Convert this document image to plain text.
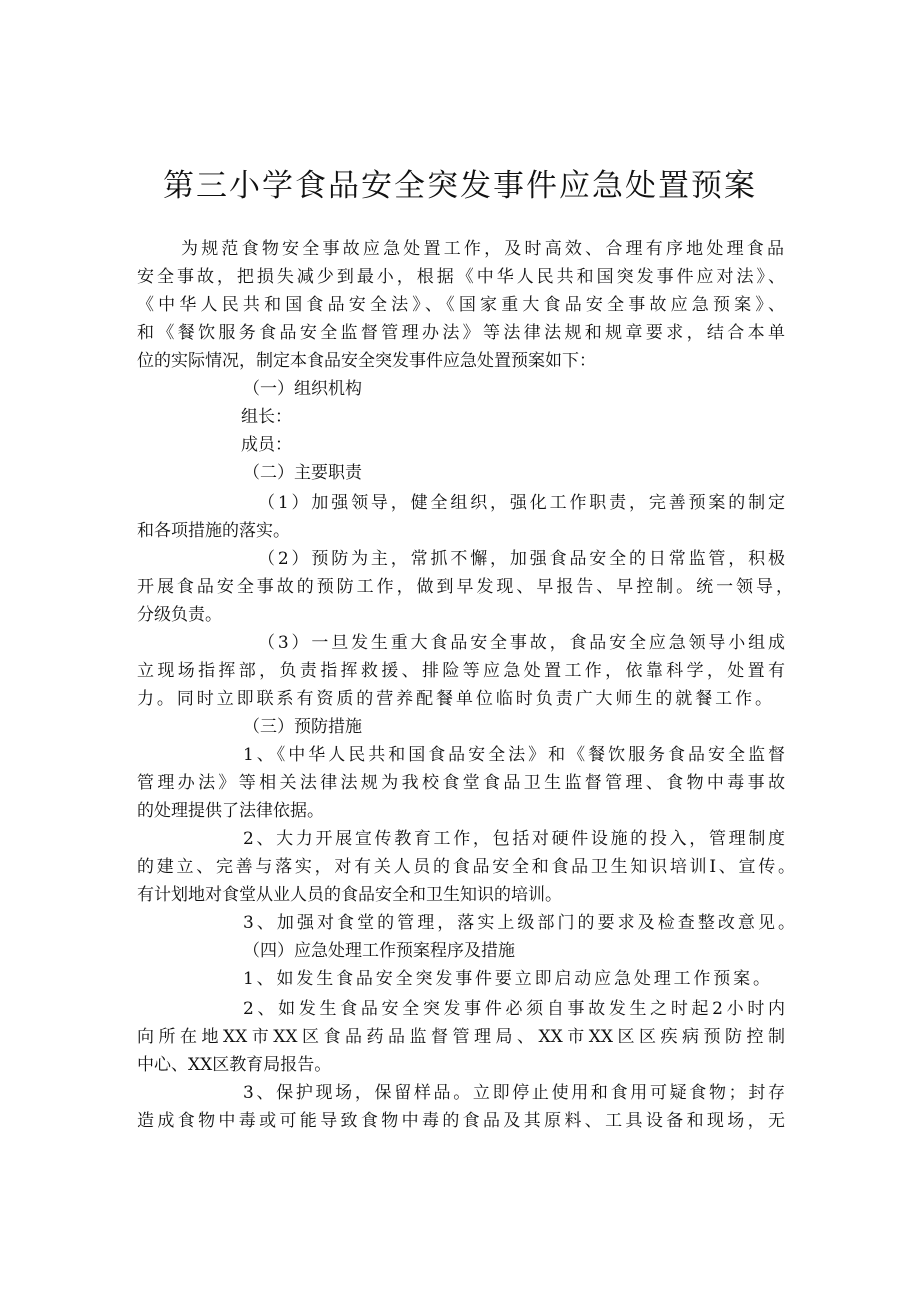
第三小学食品安全突发事件应急处置预案
为规范食物安全事故应急处置工作，及时高效、合理有序地处理食品
安全事故，把损失减少到最小，根据《中华人民共和国突发事件应对法》、
《中华人民共和国食品安全法》、《国家重大食品安全事故应急预案》、
和《餐饮服务食品安全监督管理办法》等法律法规和规章要求，结合本单
位的实际情况，制定本食品安全突发事件应急处置预案如下：
（一）组织机构
组长：
成员：
（二）主要职责
（1）加强领导，健全组织，强化工作职责，完善预案的制定
和各项措施的落实。
（2）预防为主，常抓不懈，加强食品安全的日常监管，积极
开展食品安全事故的预防工作，做到早发现、早报告、早控制。统一领导，
分级负责。
（3）一旦发生重大食品安全事故，食品安全应急领导小组成
立现场指挥部，负责指挥救援、排险等应急处置工作，依靠科学，处置有
力。同时立即联系有资质的营养配餐单位临时负责广大师生的就餐工作。
（三）预防措施
1、《中华人民共和国食品安全法》和《餐饮服务食品安全监督
管理办法》等相关法律法规为我校食堂食品卫生监督管理、食物中毒事故
的处理提供了法律依据。
2、大力开展宣传教育工作，包括对硬件设施的投入，管理制度
的建立、完善与落实，对有关人员的食品安全和食品卫生知识培训I、宣传。
有计划地对食堂从业人员的食品安全和卫生知识的培训。
3、加强对食堂的管理，落实上级部门的要求及检查整改意见。
（四）应急处理工作预案程序及措施
1、如发生食品安全突发事件要立即启动应急处理工作预案。
2、如发生食品安全突发事件必须自事故发生之时起2小时内
向所在地XX市XX区食品药品监督管理局、XX市XX区区疾病预防控制
中心、XX区教育局报告。
3、保护现场，保留样品。立即停止使用和食用可疑食物；封存
造成食物中毒或可能导致食物中毒的食品及其原料、工具设备和现场，无
